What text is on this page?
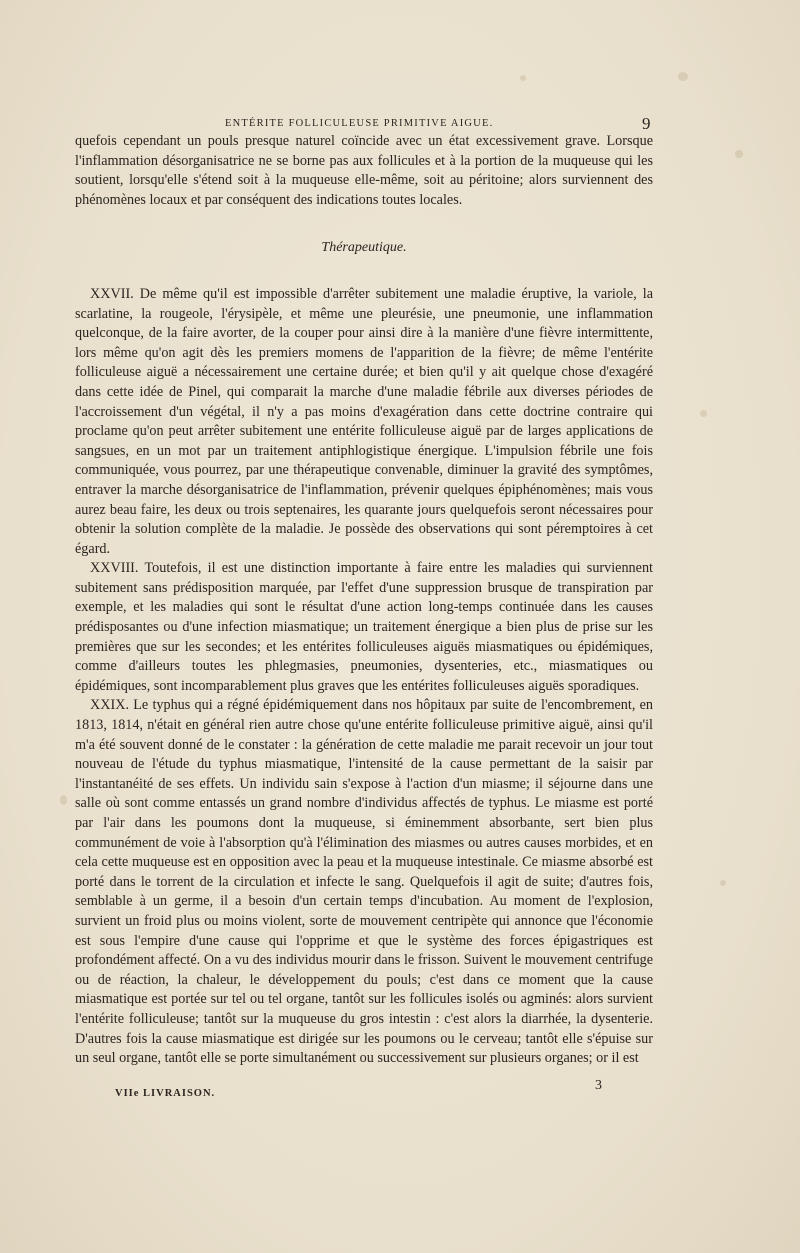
ENTÉRITE FOLLICULEUSE PRIMITIVE AIGUE.	9

quefois cependant un pouls presque naturel coïncide avec un état excessivement grave. Lorsque l'inflammation désorganisatrice ne se borne pas aux follicules et à la portion de la muqueuse qui les soutient, lorsqu'elle s'étend soit à la muqueuse elle-même, soit au péritoine; alors surviennent des phénomènes locaux et par conséquent des indications toutes locales.

Thérapeutique.

XXVII. De même qu'il est impossible d'arrêter subitement une maladie éruptive, la variole, la scarlatine, la rougeole, l'érysipèle, et même une pleurésie, une pneumonie, une inflammation quelconque, de la faire avorter, de la couper pour ainsi dire à la manière d'une fièvre intermittente, lors même qu'on agit dès les premiers momens de l'apparition de la fièvre; de même l'entérite folliculeuse aiguë a nécessairement une certaine durée; et bien qu'il y ait quelque chose d'exagéré dans cette idée de Pinel, qui comparait la marche d'une maladie fébrile aux diverses périodes de l'accroissement d'un végétal, il n'y a pas moins d'exagération dans cette doctrine contraire qui proclame qu'on peut arrêter subitement une entérite folliculeuse aiguë par de larges applications de sangsues, en un mot par un traitement antiphlogistique énergique. L'impulsion fébrile une fois communiquée, vous pourrez, par une thérapeutique convenable, diminuer la gravité des symptômes, entraver la marche désorganisatrice de l'inflammation, prévenir quelques épiphénomènes; mais vous aurez beau faire, les deux ou trois septenaires, les quarante jours quelquefois seront nécessaires pour obtenir la solution complète de la maladie. Je possède des observations qui sont péremptoires à cet égard.

XXVIII. Toutefois, il est une distinction importante à faire entre les maladies qui surviennent subitement sans prédisposition marquée, par l'effet d'une suppression brusque de transpiration par exemple, et les maladies qui sont le résultat d'une action long-temps continuée dans les causes prédisposantes ou d'une infection miasmatique; un traitement énergique a bien plus de prise sur les premières que sur les secondes; et les entérites folliculeuses aiguës miasmatiques ou épidémiques, comme d'ailleurs toutes les phlegmasies, pneumonies, dysenteries, etc., miasmatiques ou épidémiques, sont incomparablement plus graves que les entérites folliculeuses aiguës sporadiques.

XXIX. Le typhus qui a régné épidémiquement dans nos hôpitaux par suite de l'encombrement, en 1813, 1814, n'était en général rien autre chose qu'une entérite folliculeuse primitive aiguë, ainsi qu'il m'a été souvent donné de le constater : la génération de cette maladie me parait recevoir un jour tout nouveau de l'étude du typhus miasmatique, l'intensité de la cause permettant de la saisir par l'instantanéité de ses effets. Un individu sain s'expose à l'action d'un miasme; il séjourne dans une salle où sont comme entassés un grand nombre d'individus affectés de typhus. Le miasme est porté par l'air dans les poumons dont la muqueuse, si éminemment absorbante, sert bien plus communément de voie à l'absorption qu'à l'élimination des miasmes ou autres causes morbides, et en cela cette muqueuse est en opposition avec la peau et la muqueuse intestinale. Ce miasme absorbé est porté dans le torrent de la circulation et infecte le sang. Quelquefois il agit de suite; d'autres fois, semblable à un germe, il a besoin d'un certain temps d'incubation. Au moment de l'explosion, survient un froid plus ou moins violent, sorte de mouvement centripète qui annonce que l'économie est sous l'empire d'une cause qui l'opprime et que le système des forces épigastriques est profondément affecté. On a vu des individus mourir dans le frisson. Suivent le mouvement centrifuge ou de réaction, la chaleur, le développement du pouls; c'est dans ce moment que la cause miasmatique est portée sur tel ou tel organe, tantôt sur les follicules isolés ou agminés: alors survient l'entérite folliculeuse; tantôt sur la muqueuse du gros intestin : c'est alors la diarrhée, la dysenterie. D'autres fois la cause miasmatique est dirigée sur les poumons ou le cerveau; tantôt elle s'épuise sur un seul organe, tantôt elle se porte simultanément ou successivement sur plusieurs organes; or il est

VIIe LIVRAISON.
3
